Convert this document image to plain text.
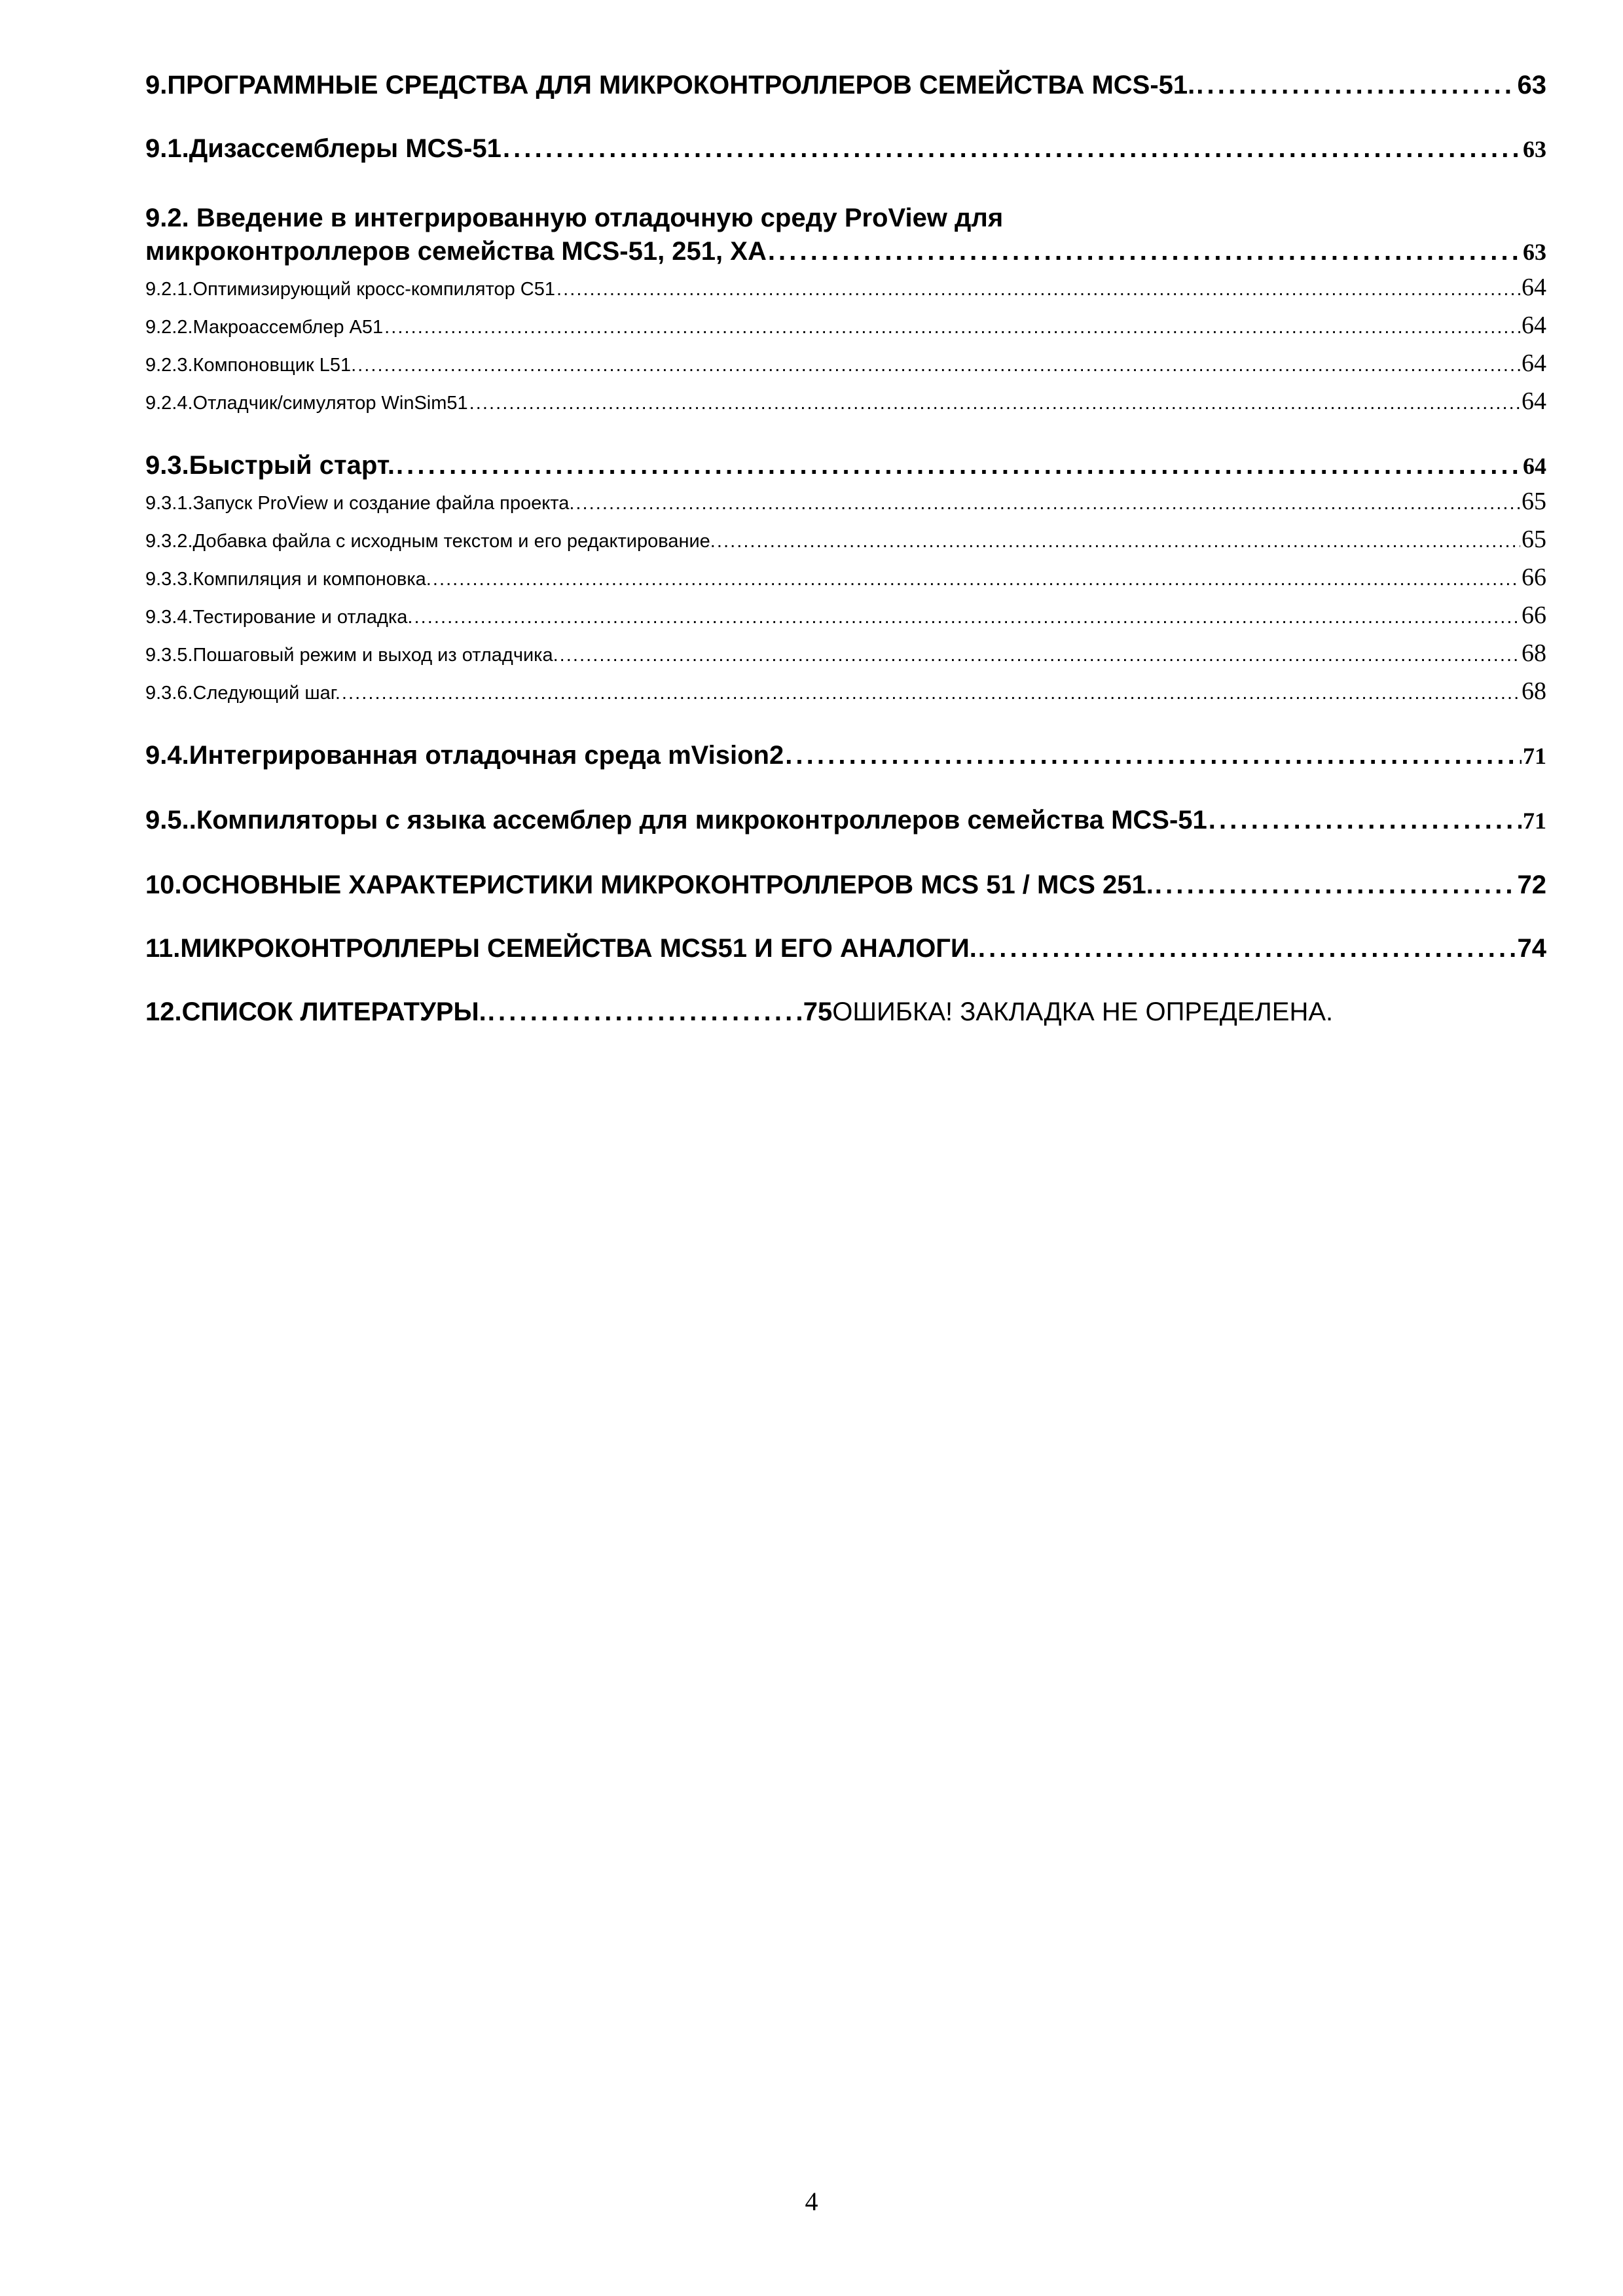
9.ПРОГРАММНЫЕ СРЕДСТВА ДЛЯ МИКРОКОНТРОЛЛЕРОВ СЕМЕЙСТВА MCS-51. . . .	63
9.1.Дизассемблеры MCS-51 . . .	63
9.2. Введение в интегрированную отладочную среду ProView для
микроконтроллеров семейства MCS-51, 251, XA . . .	63
9.2.1.Оптимизирующий кросс-компилятор C51 . . .	64
9.2.2.Макроассемблер A51 . . .	64
9.2.3.Компоновщик L51. . . .	64
9.2.4.Отладчик/симулятор WinSim51 . . .	64
9.3.Быстрый старт. . . .	64
9.3.1.Запуск ProView и создание файла проекта. . . .	65
9.3.2.Добавка файла с исходным текстом и его редактирование. . . .	65
9.3.3.Компиляция и компоновка. . . .	66
9.3.4.Тестирование и отладка. . . .	66
9.3.5.Пошаговый режим и выход из отладчика. . . .	68
9.3.6.Следующий шаг. . . .	68
9.4.Интегрированная отладочная среда mVision2 . . .	71
9.5..Компиляторы с языка ассемблер для микроконтроллеров семейства MCS-51 . . .	71
10.ОСНОВНЫЕ ХАРАКТЕРИСТИКИ МИКРОКОНТРОЛЛЕРОВ MCS 51 / MCS 251. . . .	72
11.МИКРОКОНТРОЛЛЕРЫ СЕМЕЙСТВА MCS51 И ЕГО АНАЛОГИ. . . .	74
12.СПИСОК ЛИТЕРАТУРЫ. . . .	75 ОШИБКА! ЗАКЛАДКА НЕ ОПРЕДЕЛЕНА.
4
